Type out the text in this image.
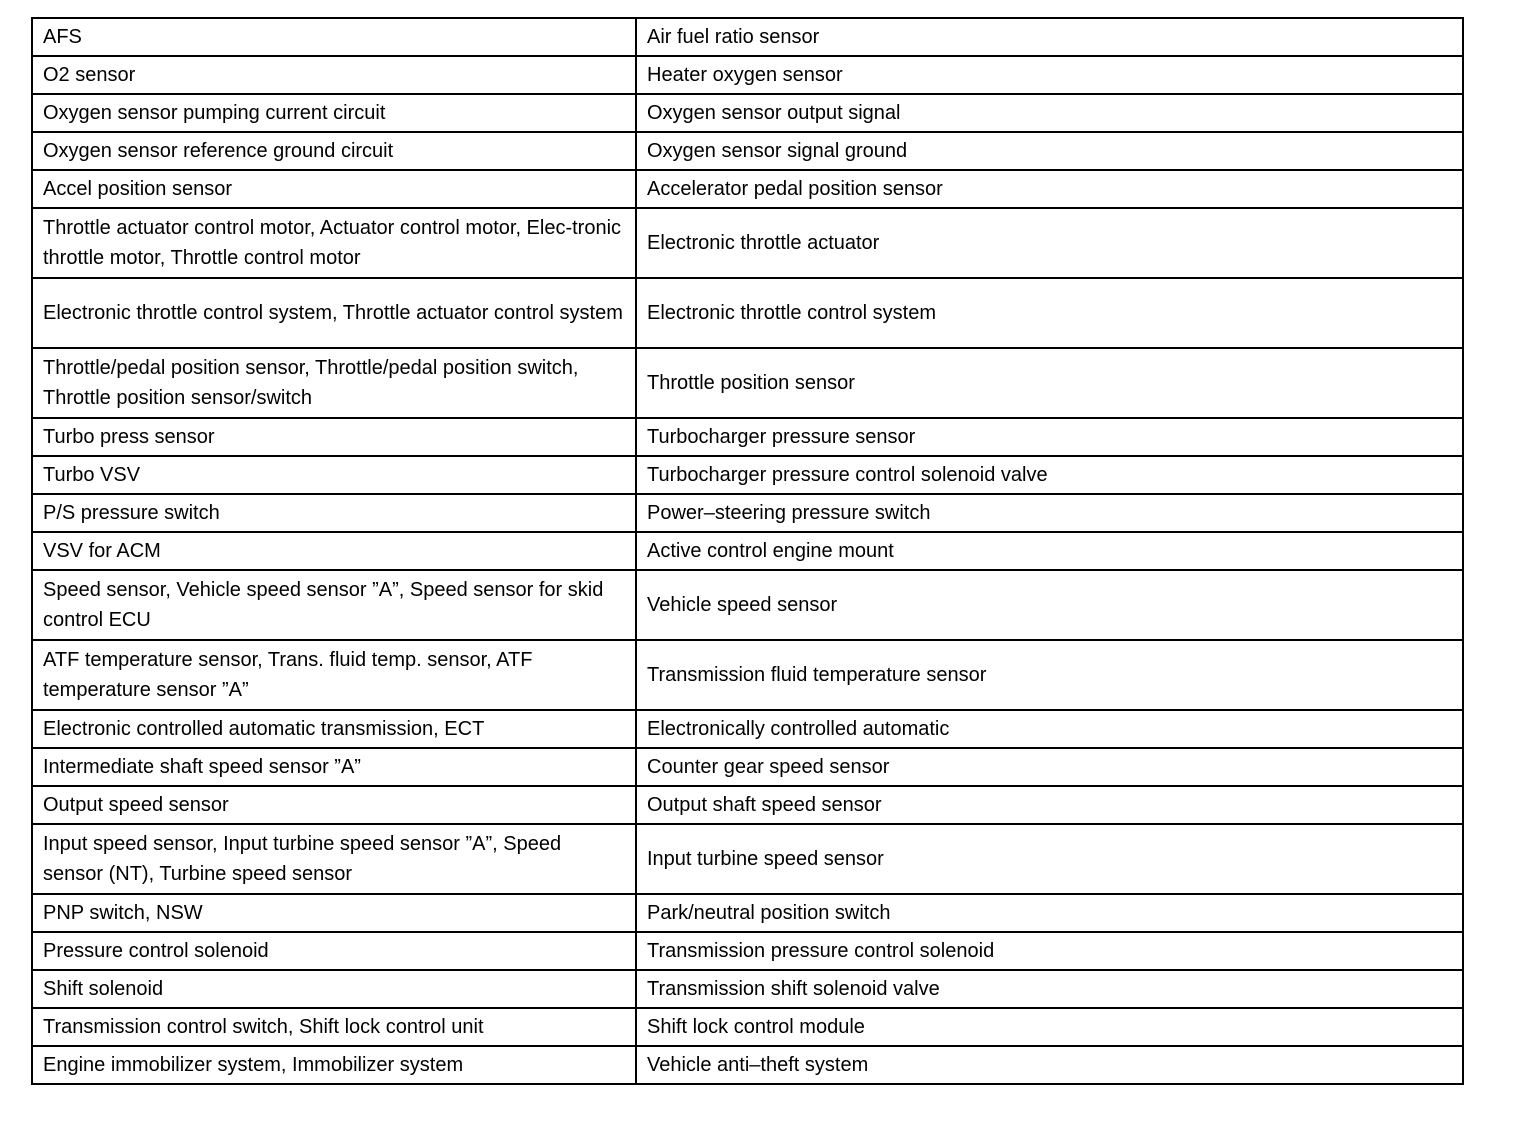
AFS	Air fuel ratio sensor
O2 sensor	Heater oxygen sensor
Oxygen sensor pumping current circuit	Oxygen sensor output signal
Oxygen sensor reference ground circuit	Oxygen sensor signal ground
Accel position sensor	Accelerator pedal position sensor
Throttle actuator control motor, Actuator control motor, Elec-tronic throttle motor, Throttle control motor	Electronic throttle actuator
Electronic throttle control system, Throttle actuator control system	Electronic throttle control system
Throttle/pedal position sensor, Throttle/pedal position switch, Throttle position sensor/switch	Throttle position sensor
Turbo press sensor	Turbocharger pressure sensor
Turbo VSV	Turbocharger pressure control solenoid valve
P/S pressure switch	Power–steering pressure switch
VSV for ACM	Active control engine mount
Speed sensor, Vehicle speed sensor ”A”, Speed sensor for skid control ECU	Vehicle speed sensor
ATF temperature sensor, Trans. fluid temp. sensor, ATF temperature sensor ”A”	Transmission fluid temperature sensor
Electronic controlled automatic transmission, ECT	Electronically controlled automatic
Intermediate shaft speed sensor ”A”	Counter gear speed sensor
Output speed sensor	Output shaft speed sensor
Input speed sensor, Input turbine speed sensor ”A”, Speed sensor (NT), Turbine speed sensor	Input turbine speed sensor
PNP switch, NSW	Park/neutral position switch
Pressure control solenoid	Transmission pressure control solenoid
Shift solenoid	Transmission shift solenoid valve
Transmission control switch, Shift lock control unit	Shift lock control module
Engine immobilizer system, Immobilizer system	Vehicle anti–theft system
